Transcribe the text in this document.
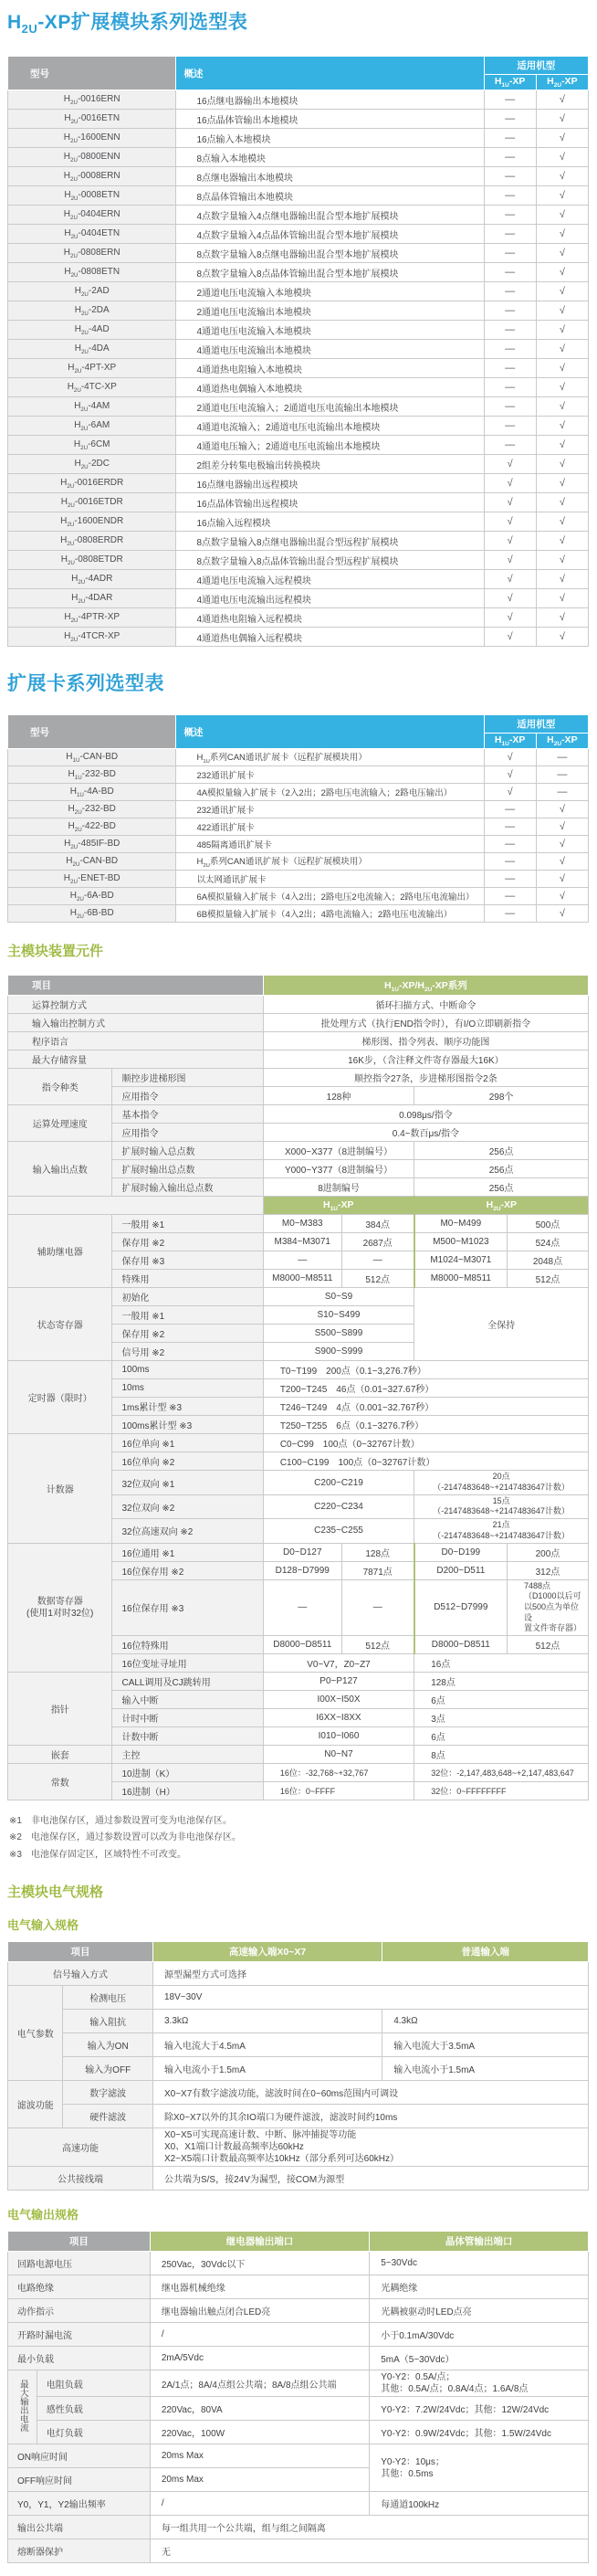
$H_{2U}-XP$扩展模块系列选型表
型号	概述	适用机型	
		$H_{1U}-XP$	$H_{2U}-XP$
$H_{2U}-0016ERN$	16点继电器输出本地模块	—	√
$H_{2U}-0016ETN$	16点晶体管输出本地模块	—	√
$H_{2U}-1600ENN$	16点输入本地模块	—	√
$H_{2U}-0800ENN$	8点输入本地模块	—	√
$H_{2U}-0008ERN$	8点继电器输出本地模块	—	√
$H_{2U}-0008ETN$	8点晶体管输出本地模块	—	√
$H_{2U}-0404ERN$	4点数字量输入4点继电器输出混合型本地扩展模块	—	√
$H_{2U}-0404ETN$	4点数字量输入4点晶体管输出混合型本地扩展模块	—	√
$H_{2U}-0808ERN$	8点数字量输入8点继电器输出混合型本地扩展模块	—	√
$H_{2U}-0808ETN$	8点数字量输入8点晶体管输出混合型本地扩展模块	—	√
$H_{2U}-2AD$	2通道电压电流输入本地模块	—	√
$H_{2U}-2DA$	2通道电压电流输出本地模块	—	√
$H_{2U}-4AD$	4通道电压电流输入本地模块	—	√
$H_{2U}-4DA$	4通道电压电流输出本地模块	—	√
$H_{2U}-4PT-XP$	4通道热电阻输入本地模块	—	√
$H_{2U}-4TC-XP$	4通道热电偶输入本地模块	—	√
$H_{2U}-4AM$	2通道电压电流输入；2通道电压电流输出本地模块	—	√
$H_{2U}-6AM$	4通道电流输入；2通道电压电流输出本地模块	—	√
$H_{2U}-6CM$	4通道电压输入；2通道电压电流输出本地模块	—	√
$H_{2U}-2DC$	2组差分转集电极输出转换模块	√	√
$H_{2U}-0016ERDR$	16点继电器输出远程模块	√	√
$H_{2U}-0016ETDR$	16点晶体管输出远程模块	√	√
$H_{2U}-1600ENDR$	16点输入远程模块	√	√
$H_{2U}-0808ERDR$	8点数字量输入8点继电器输出混合型远程扩展模块	√	√
$H_{2U}-0808ETDR$	8点数字量输入8点晶体管输出混合型远程扩展模块	√	√
$H_{2U}-4ADR$	4通道电压电流输入远程模块	√	√
$H_{2U}-4DAR$	4通道电压电流输出远程模块	√	√
$H_{2U}-4PTR-XP$	4通道热电阻输入远程模块	√	√
$H_{2U}-4TCR-XP$	4通道热电偶输入远程模块	√	√
扩展卡系列选型表
型号	概述	适用机型	
		$H_{1U}-XP$	$H_{2U}-XP$
$H_{1U}-CAN-BD$	$H_{1U}$系列CAN通讯扩展卡（远程扩展模块用）	√	—
$H_{1U}-232-BD$	232通讯扩展卡	√	—
$H_{1U}-4A-BD$	4A模拟量输入扩展卡（2入2出；2路电压电流输入；2路电压输出）	√	—
$H_{2U}-232-BD$	232通讯扩展卡	—	√
$H_{2U}-422-BD$	422通讯扩展卡	—	√
$H_{2U}-485IF-BD$	485隔离通讯扩展卡	—	√
$H_{2U}-CAN-BD$	$H_{2U}$系列CAN通讯扩展卡（远程扩展模块用）	—	√
$H_{2U}-ENET-BD$	以太网通讯扩展卡	—	√
$H_{2U}-6A-BD$	6A模拟量输入扩展卡（4入2出；2路电压2电流输入；2路电压电流输出）	—	√
$H_{2U}-6B-BD$	6B模拟量输入扩展卡（4入2出；4路电流输入；2路电压电流输出）	—	√
主模块装置元件
项目		$H_{1U}-XP/H_{2U}-XP$系列			
运算控制方式		循环扫描方式、中断命令			
输入输出控制方式		批处理方式（执行END指令时），有I/O立即刷新指令			
程序语言		梯形图、指令列表、顺序功能图			
最大存储容量		16K步，（含注释文件寄存器最大16K）			
指令种类	顺控步进梯形图	顺控指令27条，步进梯形图指令2条			
	应用指令	128种		298个	
运算处理速度	基本指令	0.098μs/指令			
	应用指令	0.4~数百μs/指令			
输入输出点数	扩展时输入总点数	X000~X377（8进制编号）		256点	
	扩展时输出总点数	Y000~Y377（8进制编号）		256点	
	扩展时输入输出总点数	8进制编号		256点	
		$H_{1U}-XP$		$H_{2U}-XP$	
辅助继电器	一般用 ※1	M0~M383	384点	M0~M499	500点
	保存用 ※2	M384~M3071	2687点	M500~M1023	524点
	保存用 ※3	—	—	M1024~M3071	2048点
	特殊用	M8000~M8511	512点	M8000~M8511	512点
状态寄存器	初始化	S0~S9		全保持	
	一般用 ※1	S10~S499			
	保存用 ※2	S500~S899			
	信号用 ※2	S900~S999			
定时器（限时）	100ms	T0~T199　200点（0.1~3,276.7秒）			
	10ms	T200~T245　46点（0.01~327.67秒）			
	1ms累计型 ※3	T246~T249　4点（0.001~32.767秒）			
	100ms累计型 ※3	T250~T255　6点（0.1~3276.7秒）			
计数器	16位单向 ※1	C0~C99　100点（0~32767计数）			
	16位单向 ※2	C100~C199　100点（0~32767计数）			
	32位双向 ※1	C200~C219		20点
（-2147483648~+2147483647计数）	
	32位双向 ※2	C220~C234		15点
（-2147483648~+2147483647计数）	
	32位高速双向 ※2	C235~C255		21点
（-2147483648~+2147483647计数）	
数据寄存器
(使用1对时32位)	16位通用 ※1	D0~D127	128点	D0~D199	200点
	16位保存用 ※2	D128~D7999	7871点	D200~D511	312点
	16位保存用 ※3	—	—	D512~D7999	7488点
（D1000以后可
以500点为单位设
置文件寄存器）
	16位特殊用	D8000~D8511	512点	D8000~D8511	512点
	16位变址寻址用	V0~V7，Z0~Z7		16点	
指针	CALL调用及CJ跳转用	P0~P127		128点	
	输入中断	I00X~I50X		6点	
	计时中断	I6XX~I8XX		3点	
	计数中断	I010~I060		6点	
嵌套	主控	N0~N7		8点	
常数	10进制（K）	16位：-32,768~+32,767		32位：-2,147,483,648~+2,147,483,647	
	16进制（H）	16位：0~FFFF		32位：0~FFFFFFFF	
※1　非电池保存区，通过参数设置可变为电池保存区。
※2　电池保存区，通过参数设置可以改为非电池保存区。
※3　电池保存固定区，区域特性不可改变。
主模块电气规格
电气输入规格
项目		高速输入端X0~X7	普通输入端
信号输入方式		源型漏型方式可选择	
电气参数	检测电压	18V~30V	
	输入阻抗	3.3kΩ	4.3kΩ
	输入为ON	输入电流大于4.5mA	输入电流大于3.5mA
	输入为OFF	输入电流小于1.5mA	输入电流小于1.5mA
滤波功能	数字滤波	X0~X7有数字滤波功能，滤波时间在0~60ms范围内可调设	
	硬件滤波	除X0~X7以外的其余IO端口为硬件滤波，滤波时间约10ms	
高速功能		X0~X5可实现高速计数、中断、脉冲捕捉等功能
X0、X1端口计数最高频率达60kHz
X2~X5端口计数最高频率达10kHz（部分系列可达60kHz）	
公共接线端		公共端为S/S，接24V为漏型，接COM为源型	
电气输出规格
项目		继电器输出端口	晶体管输出端口
回路电源电压		250Vac，30Vdc以下	5~30Vdc
电路绝缘		继电器机械绝缘	光耦绝缘
动作指示		继电器输出触点闭合LED亮	光耦被驱动时LED点亮
开路时漏电流		/	小于0.1mA/30Vdc
最小负载		2mA/5Vdc	5mA（5~30Vdc）
最大输出电流	电阻负载	2A/1点；8A/4点组公共端；8A/8点组公共端	Y0-Y2：0.5A/点；
其他：0.5A/点；0.8A/4点；1.6A/8点
	感性负载	220Vac，80VA	Y0-Y2：7.2W/24Vdc；其他：12W/24Vdc
	电灯负载	220Vac，100W	Y0-Y2：0.9W/24Vdc；其他：1.5W/24Vdc
ON响应时间		20ms Max	Y0-Y2：10μs；
其他：0.5ms
OFF响应时间		20ms Max	
Y0，Y1，Y2输出频率		/	每通道100kHz
输出公共端		每一组共用一个公共端，组与组之间隔离	
熔断器保护		无	
